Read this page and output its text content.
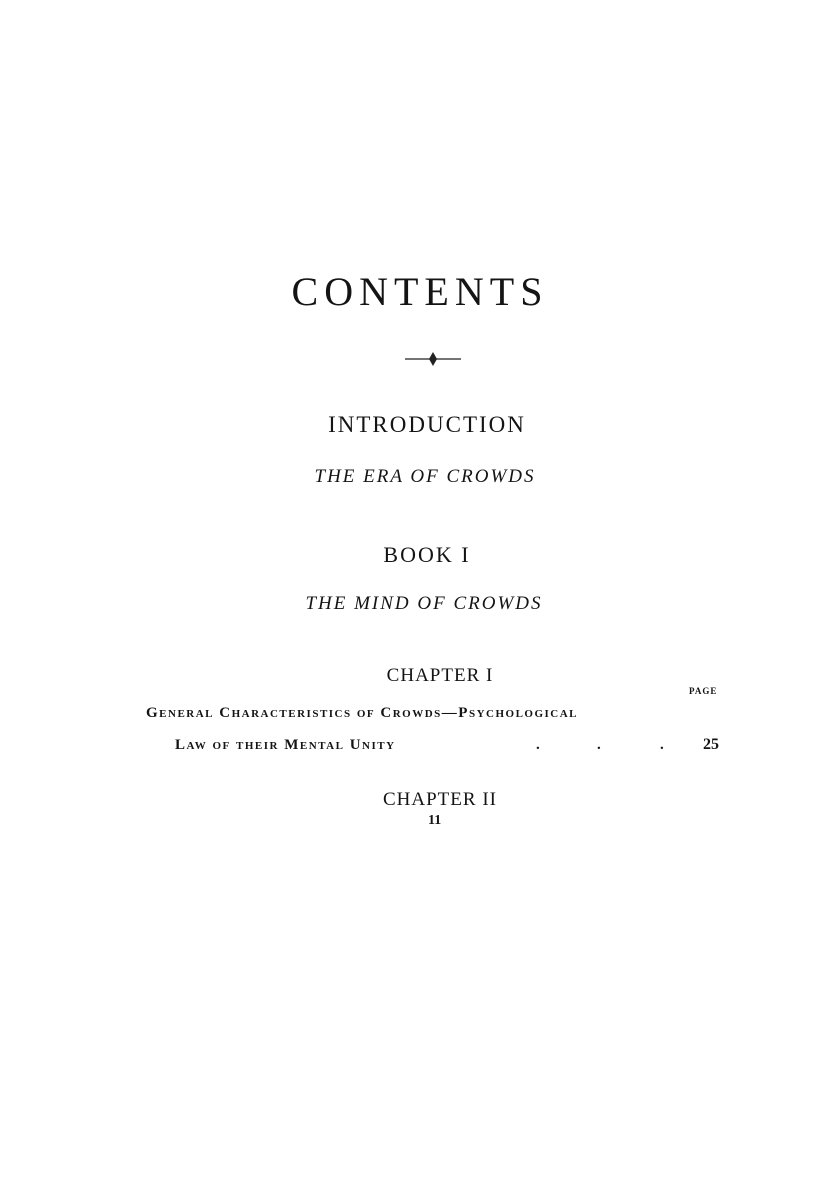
CONTENTS
INTRODUCTION
THE ERA OF CROWDS
BOOK I
THE MIND OF CROWDS
CHAPTER I
PAGE
General Characteristics of Crowds—Psychological
Law of their Mental Unity	.	.	. 25
CHAPTER II
11
